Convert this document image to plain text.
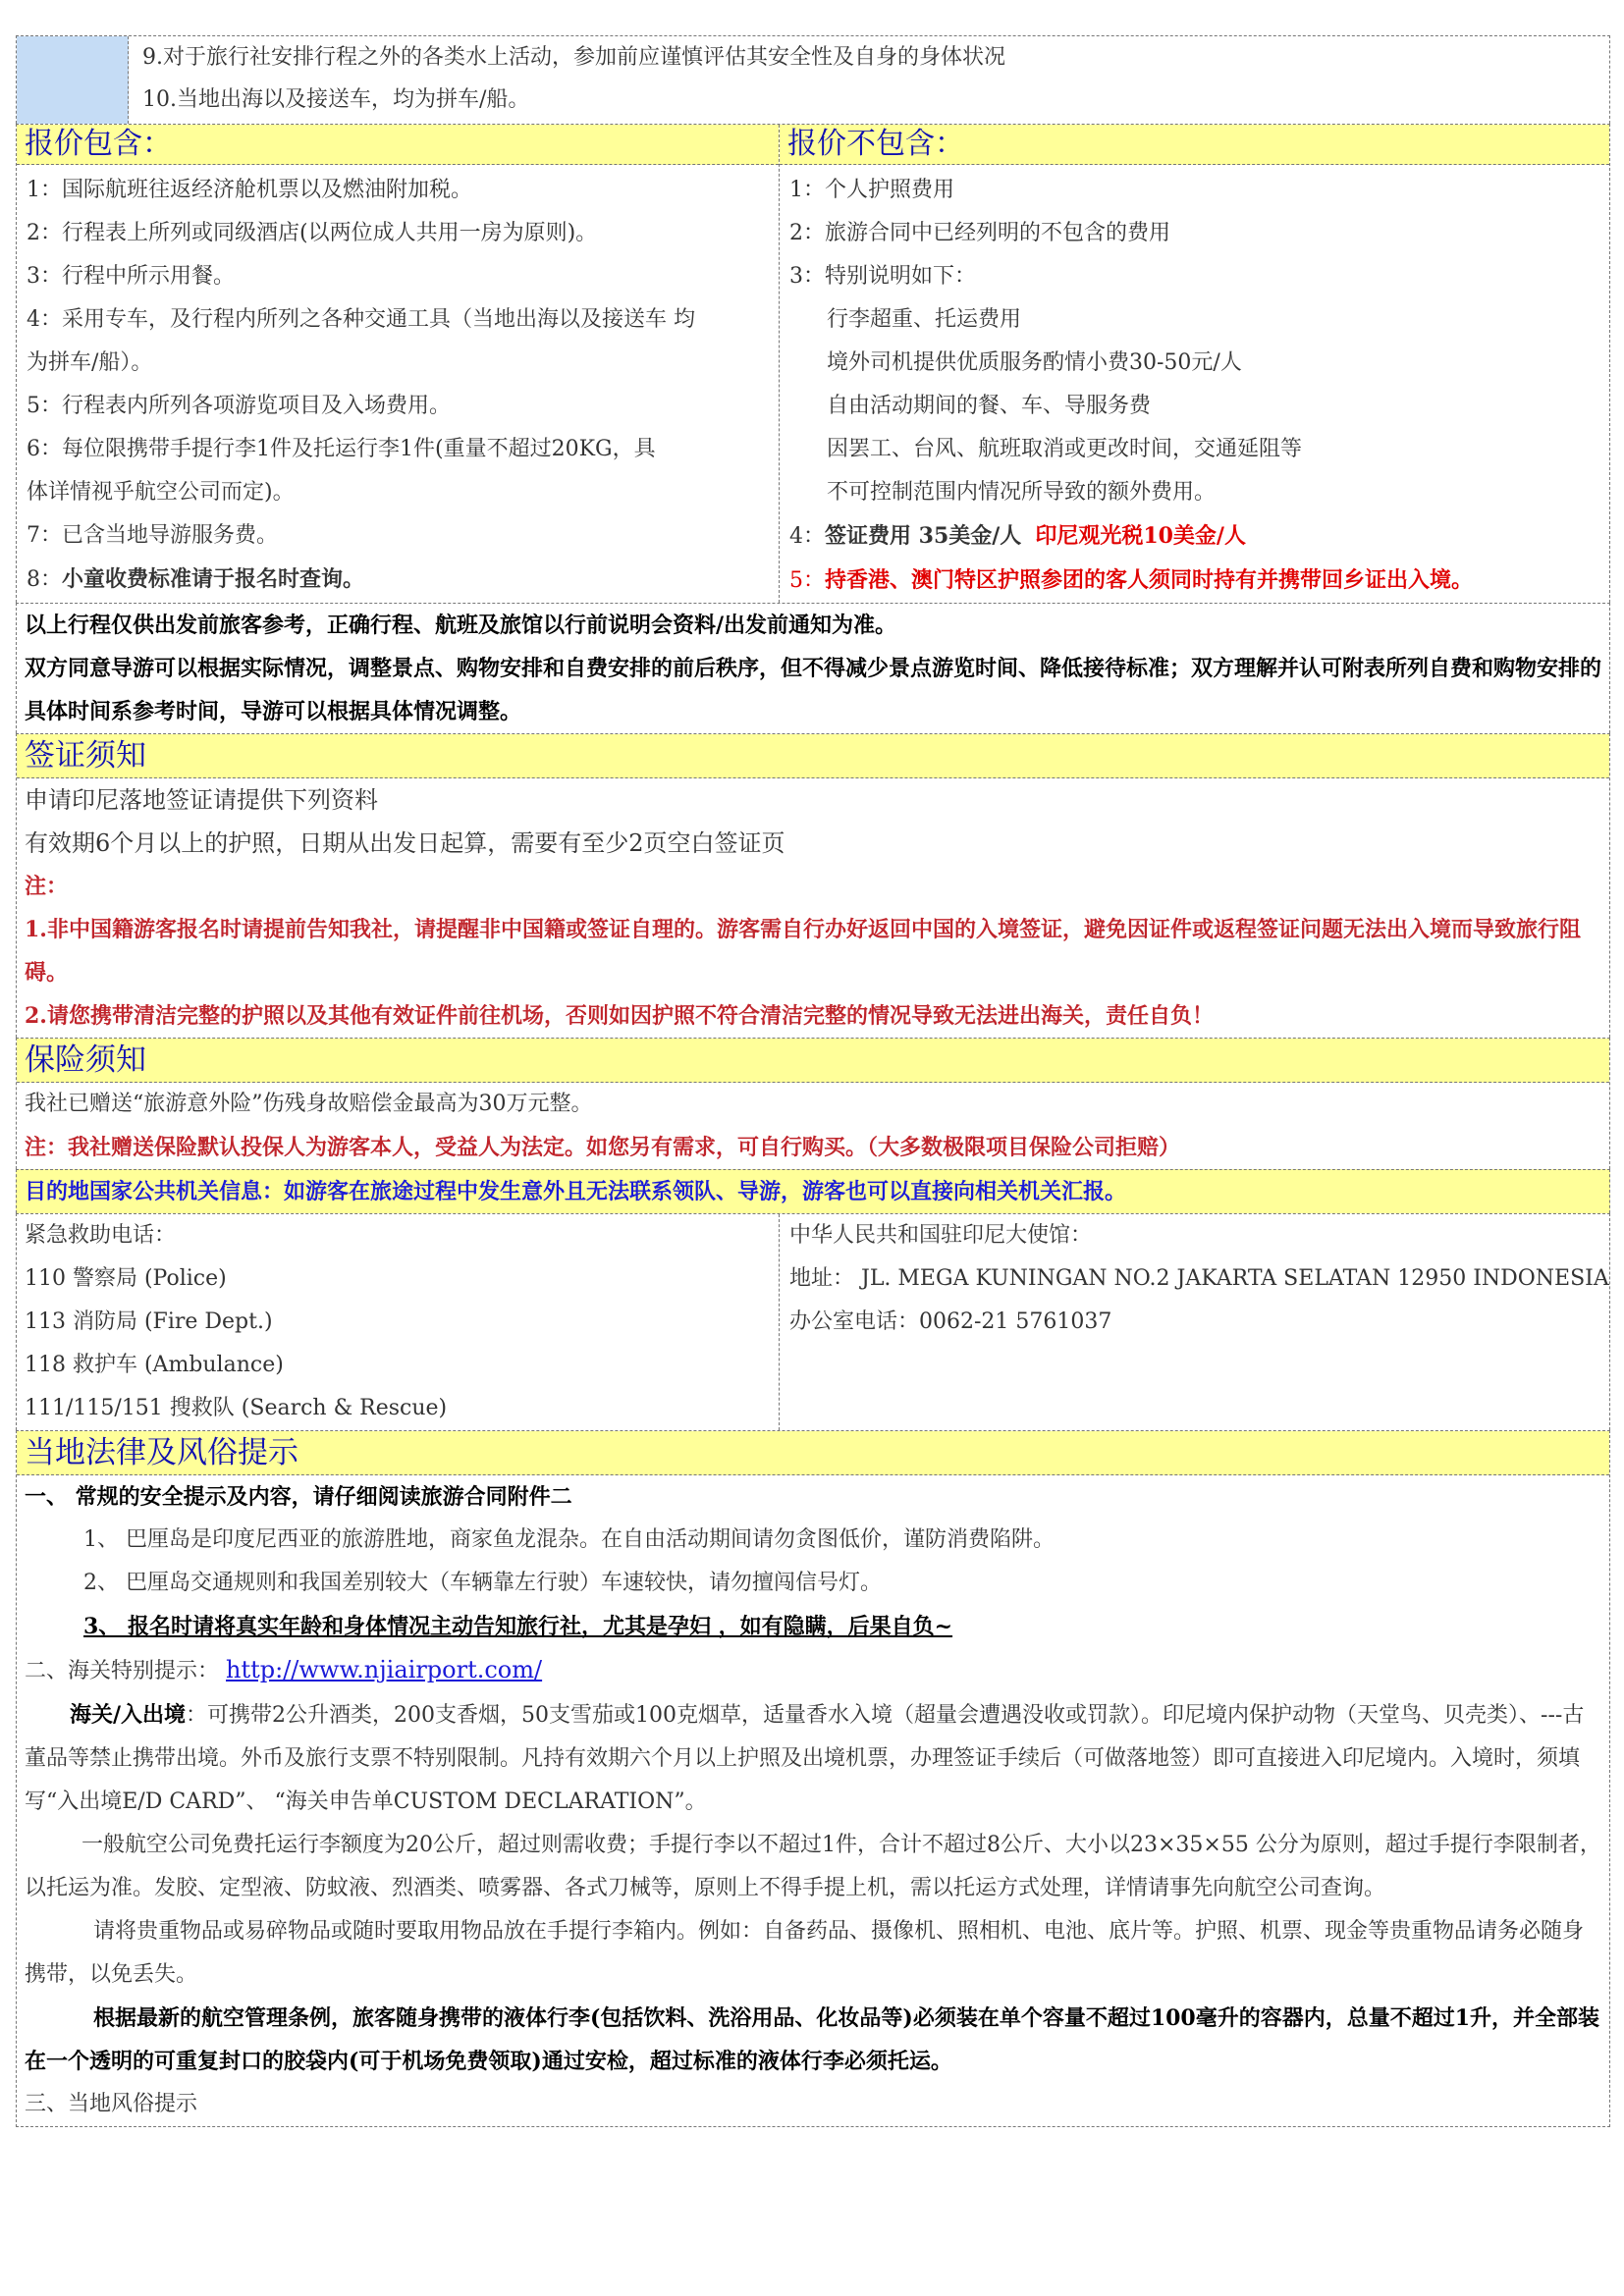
9.对于旅行社安排行程之外的各类水上活动，参加前应谨慎评估其安全性及自身的身体状况
10.当地出海以及接送车，均为拼车/船。
报价包含：
1：国际航班往返经济舱机票以及燃油附加税。
2：行程表上所列或同级酒店(以两位成人共用一房为原则)。
3：行程中所示用餐。
4：采用专车，及行程内所列之各种交通工具（当地出海以及接送车 均
为拼车/船）。
5：行程表内所列各项游览项目及入场费用。
6：每位限携带手提行李1件及托运行李1件(重量不超过20KG，具
体详情视乎航空公司而定)。
7：已含当地导游服务费。
8：小童收费标准请于报名时查询。
报价不包含：
1：个人护照费用
2：旅游合同中已经列明的不包含的费用
3：特别说明如下：
行李超重、托运费用
境外司机提供优质服务酌情小费30-50元/人
自由活动期间的餐、车、导服务费
因罢工、台风、航班取消或更改时间，交通延阻等
不可控制范围内情况所导致的额外费用。
4：签证费用 35美金/人 印尼观光税10美金/人
5：持香港、澳门特区护照参团的客人须同时持有并携带回乡证出入境。
以上行程仅供出发前旅客参考，正确行程、航班及旅馆以行前说明会资料/出发前通知为准。
双方同意导游可以根据实际情况，调整景点、购物安排和自费安排的前后秩序，但不得减少景点游览时间、降低接待标准；双方理解并认可附表所列自费和购物安排的具体时间系参考时间，导游可以根据具体情况调整。
签证须知
申请印尼落地签证请提供下列资料
有效期6个月以上的护照，日期从出发日起算，需要有至少2页空白签证页
注：
1.非中国籍游客报名时请提前告知我社，请提醒非中国籍或签证自理的。游客需自行办好返回中国的入境签证，避免因证件或返程签证问题无法出入境而导致旅行阻碍。
2.请您携带清洁完整的护照以及其他有效证件前往机场，否则如因护照不符合清洁完整的情况导致无法进出海关，责任自负！
保险须知
我社已赠送“旅游意外险”伤残身故赔偿金最高为30万元整。
注：我社赠送保险默认投保人为游客本人，受益人为法定。如您另有需求，可自行购买。（大多数极限项目保险公司拒赔）
目的地国家公共机关信息：如游客在旅途过程中发生意外且无法联系领队、导游，游客也可以直接向相关机关汇报。
紧急救助电话：
110 警察局 (Police)
113 消防局 (Fire Dept.)
118 救护车 (Ambulance)
111/115/151 搜救队 (Search & Rescue)
中华人民共和国驻印尼大使馆：
地址： JL. MEGA KUNINGAN NO.2 JAKARTA SELATAN 12950 INDONESIA
办公室电话：0062-21 5761037
当地法律及风俗提示
一、 常规的安全提示及内容，请仔细阅读旅游合同附件二
1、 巴厘岛是印度尼西亚的旅游胜地，商家鱼龙混杂。在自由活动期间请勿贪图低价，谨防消费陷阱。
2、 巴厘岛交通规则和我国差别较大（车辆靠左行驶）车速较快，请勿擅闯信号灯。
3、 报名时请将真实年龄和身体情况主动告知旅行社，尤其是孕妇 ，如有隐瞒，后果自负~
二、海关特别提示： http://www.njiairport.com/
海关/入出境：可携带2公升酒类，200支香烟，50支雪茄或100克烟草，适量香水入境（超量会遭遇没收或罚款）。印尼境内保护动物（天堂鸟、贝壳类）、---古董品等禁止携带出境。外币及旅行支票不特别限制。凡持有效期六个月以上护照及出境机票，办理签证手续后（可做落地签）即可直接进入印尼境内。入境时，须填写“入出境E/D CARD”、 “海关申告单CUSTOM DECLARATION”。
一般航空公司免费托运行李额度为20公斤，超过则需收费；手提行李以不超过1件，合计不超过8公斤、大小以23×35×55 公分为原则，超过手提行李限制者，以托运为准。发胶、定型液、防蚊液、烈酒类、喷雾器、各式刀械等，原则上不得手提上机，需以托运方式处理，详情请事先向航空公司查询。
请将贵重物品或易碎物品或随时要取用物品放在手提行李箱内。例如：自备药品、摄像机、照相机、电池、底片等。护照、机票、现金等贵重物品请务必随身携带，以免丢失。
根据最新的航空管理条例，旅客随身携带的液体行李(包括饮料、洗浴用品、化妆品等)必须装在单个容量不超过100毫升的容器内，总量不超过1升，并全部装在一个透明的可重复封口的胶袋内(可于机场免费领取)通过安检，超过标准的液体行李必须托运。
三、当地风俗提示
